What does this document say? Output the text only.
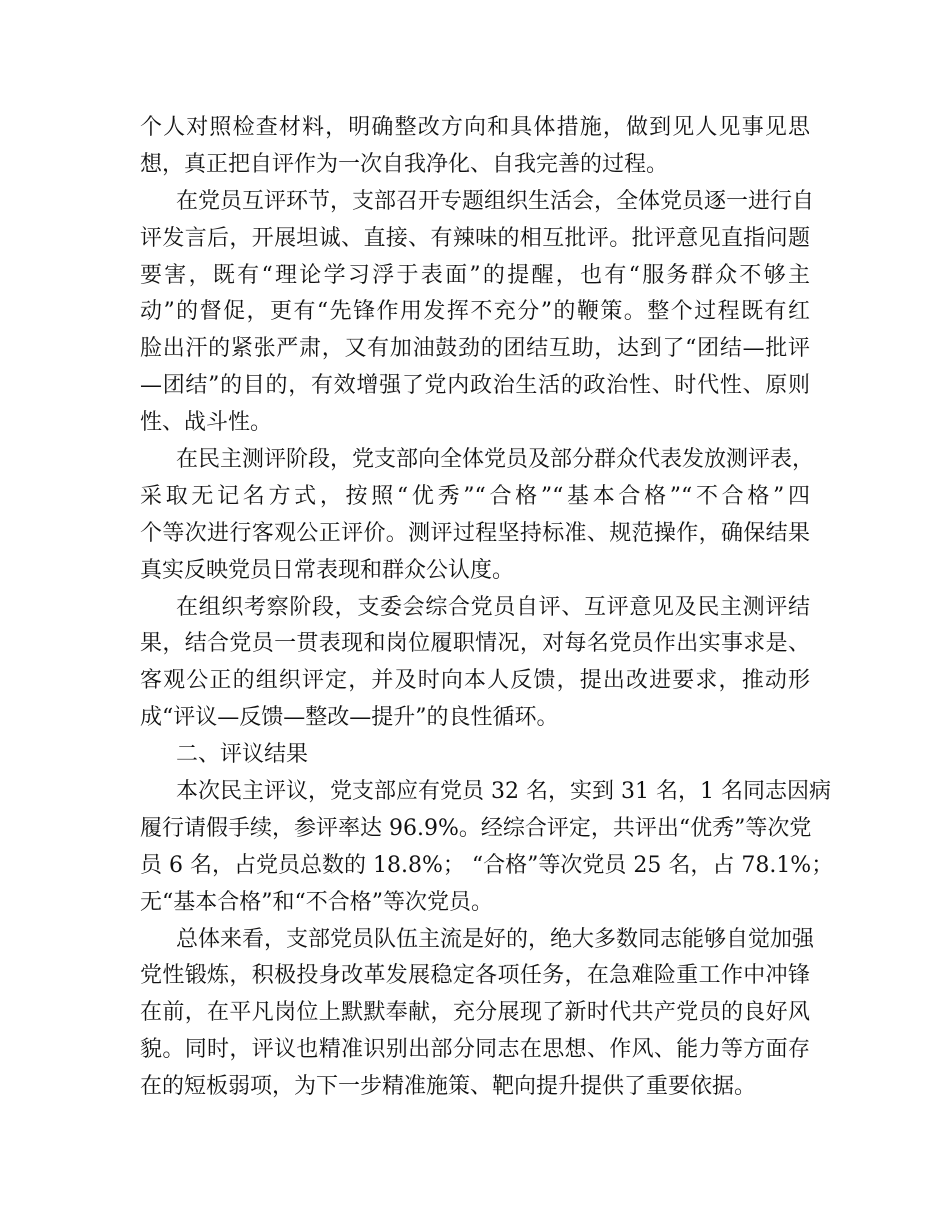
个人对照检查材料，明确整改方向和具体措施，做到见人见事见思
想，真正把自评作为一次自我净化、自我完善的过程。
在党员互评环节，支部召开专题组织生活会，全体党员逐一进行自
评发言后，开展坦诚、直接、有辣味的相互批评。批评意见直指问题
要害，既有“理论学习浮于表面”的提醒，也有“服务群众不够主
动”的督促，更有“先锋作用发挥不充分”的鞭策。整个过程既有红
脸出汗的紧张严肃，又有加油鼓劲的团结互助，达到了“团结—批评
—团结”的目的，有效增强了党内政治生活的政治性、时代性、原则
性、战斗性。
在民主测评阶段，党支部向全体党员及部分群众代表发放测评表，
采取无记名方式，按照“优秀”“合格”“基本合格”“不合格”四
个等次进行客观公正评价。测评过程坚持标准、规范操作，确保结果
真实反映党员日常表现和群众公认度。
在组织考察阶段，支委会综合党员自评、互评意见及民主测评结
果，结合党员一贯表现和岗位履职情况，对每名党员作出实事求是、
客观公正的组织评定，并及时向本人反馈，提出改进要求，推动形
成“评议—反馈—整改—提升”的良性循环。
二、评议结果
本次民主评议，党支部应有党员 32 名，实到 31 名，1 名同志因病
履行请假手续，参评率达 96.9%。经综合评定，共评出“优秀”等次党
员 6 名，占党员总数的 18.8%； “合格”等次党员 25 名，占 78.1%；
无“基本合格”和“不合格”等次党员。
总体来看，支部党员队伍主流是好的，绝大多数同志能够自觉加强
党性锻炼，积极投身改革发展稳定各项任务，在急难险重工作中冲锋
在前，在平凡岗位上默默奉献，充分展现了新时代共产党员的良好风
貌。同时，评议也精准识别出部分同志在思想、作风、能力等方面存
在的短板弱项，为下一步精准施策、靶向提升提供了重要依据。
